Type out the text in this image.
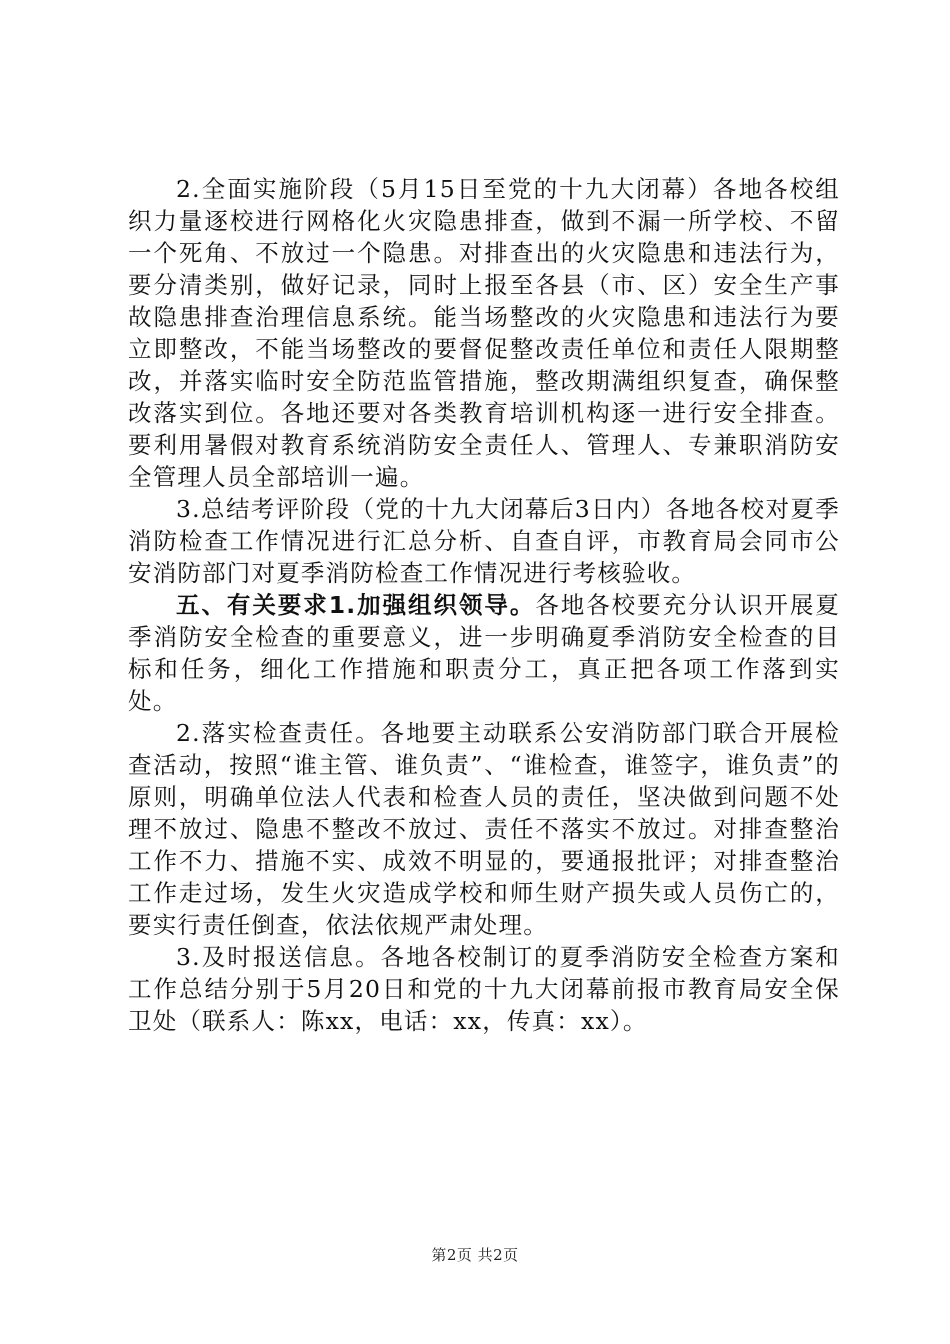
2.全面实施阶段（5月15日至党的十九大闭幕）各地各校组织力量逐校进行网格化火灾隐患排查，做到不漏一所学校、不留一个死角、不放过一个隐患。对排查出的火灾隐患和违法行为，要分清类别，做好记录，同时上报至各县（市、区）安全生产事故隐患排查治理信息系统。能当场整改的火灾隐患和违法行为要立即整改，不能当场整改的要督促整改责任单位和责任人限期整改，并落实临时安全防范监管措施，整改期满组织复查，确保整改落实到位。各地还要对各类教育培训机构逐一进行安全排查。要利用暑假对教育系统消防安全责任人、管理人、专兼职消防安全管理人员全部培训一遍。

3.总结考评阶段（党的十九大闭幕后3日内）各地各校对夏季消防检查工作情况进行汇总分析、自查自评，市教育局会同市公安消防部门对夏季消防检查工作情况进行考核验收。

五、有关要求1.加强组织领导。各地各校要充分认识开展夏季消防安全检查的重要意义，进一步明确夏季消防安全检查的目标和任务，细化工作措施和职责分工，真正把各项工作落到实处。

2.落实检查责任。各地要主动联系公安消防部门联合开展检查活动，按照“谁主管、谁负责”、“谁检查，谁签字，谁负责”的原则，明确单位法人代表和检查人员的责任，坚决做到问题不处理不放过、隐患不整改不放过、责任不落实不放过。对排查整治工作不力、措施不实、成效不明显的，要通报批评；对排查整治工作走过场，发生火灾造成学校和师生财产损失或人员伤亡的，要实行责任倒查，依法依规严肃处理。

3.及时报送信息。各地各校制订的夏季消防安全检查方案和工作总结分别于5月20日和党的十九大闭幕前报市教育局安全保卫处（联系人：陈xx，电话：xx，传真：xx）。

第2页 共2页
